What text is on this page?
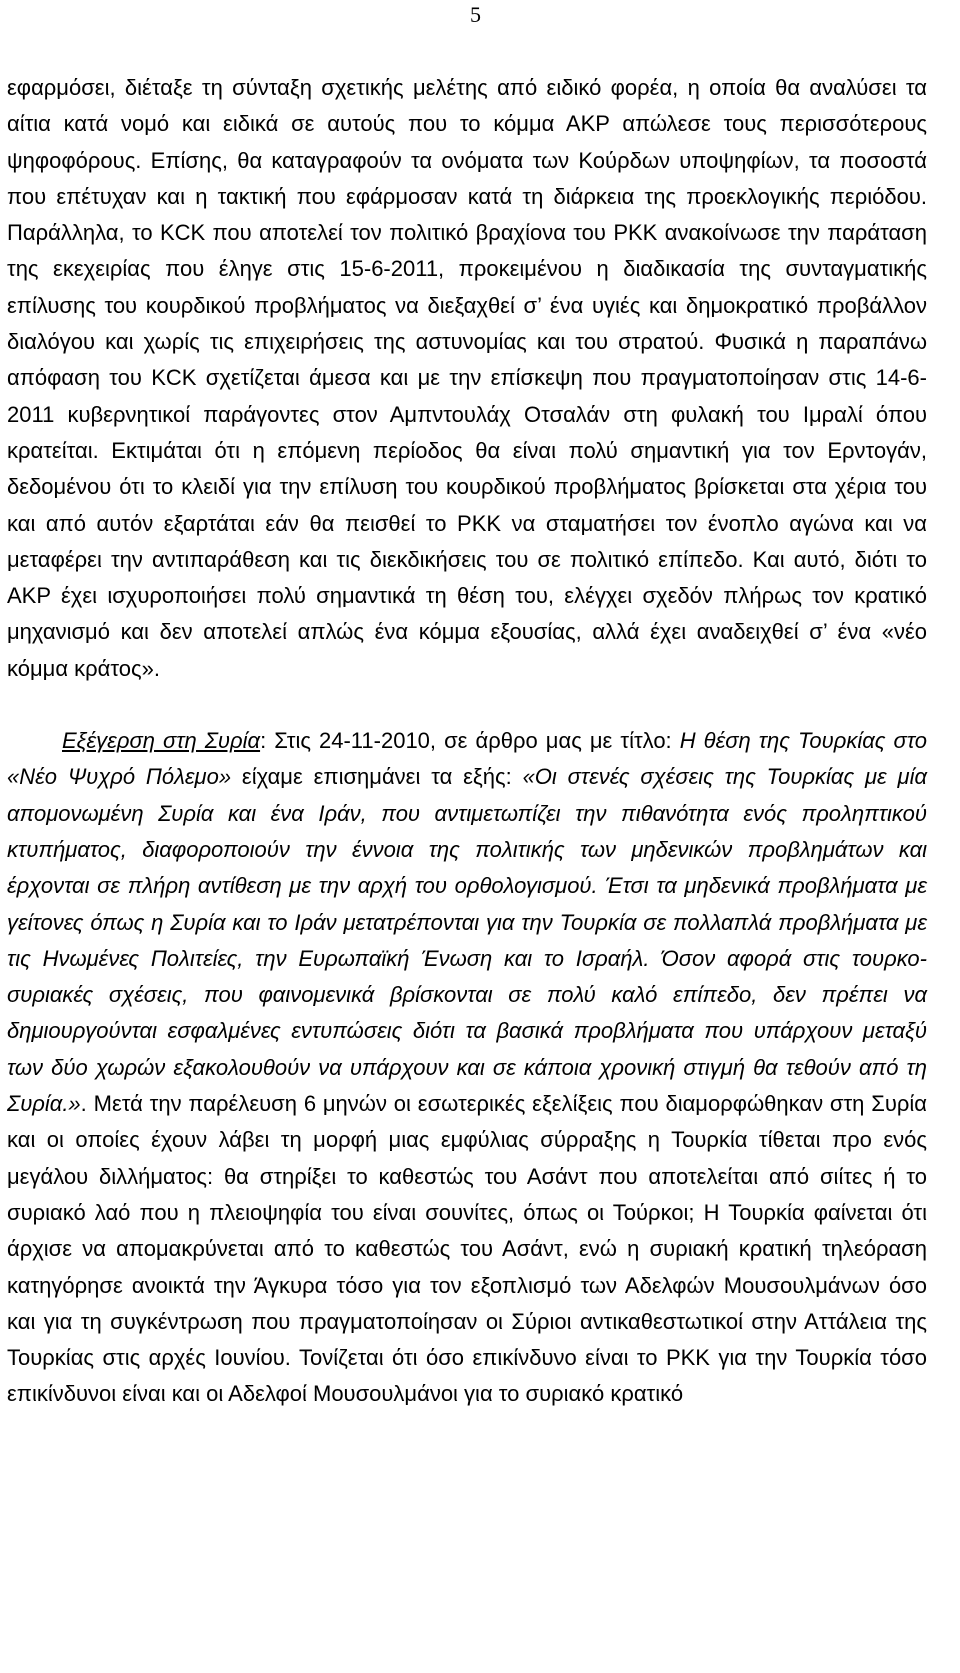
5

εφαρμόσει, διέταξε τη σύνταξη σχετικής μελέτης από ειδικό φορέα, η οποία θα αναλύσει τα αίτια κατά νομό και ειδικά σε αυτούς που το κόμμα ΑΚΡ απώλεσε τους περισσότερους ψηφοφόρους. Επίσης, θα καταγραφούν τα ονόματα των Κούρδων υποψηφίων, τα ποσοστά που επέτυχαν και η τακτική που εφάρμοσαν κατά τη διάρκεια της προεκλογικής περιόδου. Παράλληλα, το KCK που αποτελεί τον πολιτικό βραχίονα του PKK ανακοίνωσε την παράταση της εκεχειρίας που έληγε στις 15-6-2011, προκειμένου η διαδικασία της συνταγματικής επίλυσης του κουρδικού προβλήματος να διεξαχθεί σ’ ένα υγιές και δημοκρατικό προβάλλον διαλόγου και χωρίς τις επιχειρήσεις της αστυνομίας και του στρατού. Φυσικά η παραπάνω απόφαση του KCK σχετίζεται άμεσα και με την επίσκεψη που πραγματοποίησαν στις 14-6-2011 κυβερνητικοί παράγοντες στον Αμπντουλάχ Οτσαλάν στη φυλακή του Ιμραλί όπου κρατείται. Εκτιμάται ότι η επόμενη περίοδος θα είναι πολύ σημαντική για τον Ερντογάν, δεδομένου ότι το κλειδί για την επίλυση του κουρδικού προβλήματος βρίσκεται στα χέρια του και από αυτόν εξαρτάται εάν θα πεισθεί το PKK να σταματήσει τον ένοπλο αγώνα και να μεταφέρει την αντιπαράθεση και τις διεκδικήσεις του σε πολιτικό επίπεδο. Και αυτό, διότι το ΑΚΡ έχει ισχυροποιήσει πολύ σημαντικά τη θέση του, ελέγχει σχεδόν πλήρως τον κρατικό μηχανισμό και δεν αποτελεί απλώς ένα κόμμα εξουσίας, αλλά έχει αναδειχθεί σ’ ένα «νέο κόμμα κράτος».

Εξέγερση στη Συρία: Στις 24-11-2010, σε άρθρο μας με τίτλο: Η θέση της Τουρκίας στο «Νέο Ψυχρό Πόλεμο» είχαμε επισημάνει τα εξής: «Οι στενές σχέσεις της Τουρκίας με μία απομονωμένη Συρία και ένα Ιράν, που αντιμετωπίζει την πιθανότητα ενός προληπτικού κτυπήματος, διαφοροποιούν την έννοια της πολιτικής των μηδενικών προβλημάτων και έρχονται σε πλήρη αντίθεση με την αρχή του ορθολογισμού. Έτσι τα μηδενικά προβλήματα με γείτονες όπως η Συρία και το Ιράν μετατρέπονται για την Τουρκία σε πολλαπλά προβλήματα με τις Ηνωμένες Πολιτείες, την Ευρωπαϊκή Ένωση και το Ισραήλ. Όσον αφορά στις τουρκο-συριακές σχέσεις, που φαινομενικά βρίσκονται σε πολύ καλό επίπεδο, δεν πρέπει να δημιουργούνται εσφαλμένες εντυπώσεις διότι τα βασικά προβλήματα που υπάρχουν μεταξύ των δύο χωρών εξακολουθούν να υπάρχουν και σε κάποια χρονική στιγμή θα τεθούν από τη Συρία.». Μετά την παρέλευση 6 μηνών οι εσωτερικές εξελίξεις που διαμορφώθηκαν στη Συρία και οι οποίες έχουν λάβει τη μορφή μιας εμφύλιας σύρραξης η Τουρκία τίθεται προ ενός μεγάλου διλλήματος: θα στηρίξει το καθεστώς του Ασάντ που αποτελείται από σιίτες ή το συριακό λαό που η πλειοψηφία του είναι σουνίτες, όπως οι Τούρκοι; Η Τουρκία φαίνεται ότι άρχισε να απομακρύνεται από το καθεστώς του Ασάντ, ενώ η συριακή κρατική τηλεόραση κατηγόρησε ανοικτά την Άγκυρα τόσο για τον εξοπλισμό των Αδελφών Μουσουλμάνων όσο και για τη συγκέντρωση που πραγματοποίησαν οι Σύριοι αντικαθεστωτικοί στην Αττάλεια της Τουρκίας στις αρχές Ιουνίου. Τονίζεται ότι όσο επικίνδυνο είναι το PKK για την Τουρκία τόσο επικίνδυνοι είναι και οι Αδελφοί Μουσουλμάνοι για το συριακό κρατικό
